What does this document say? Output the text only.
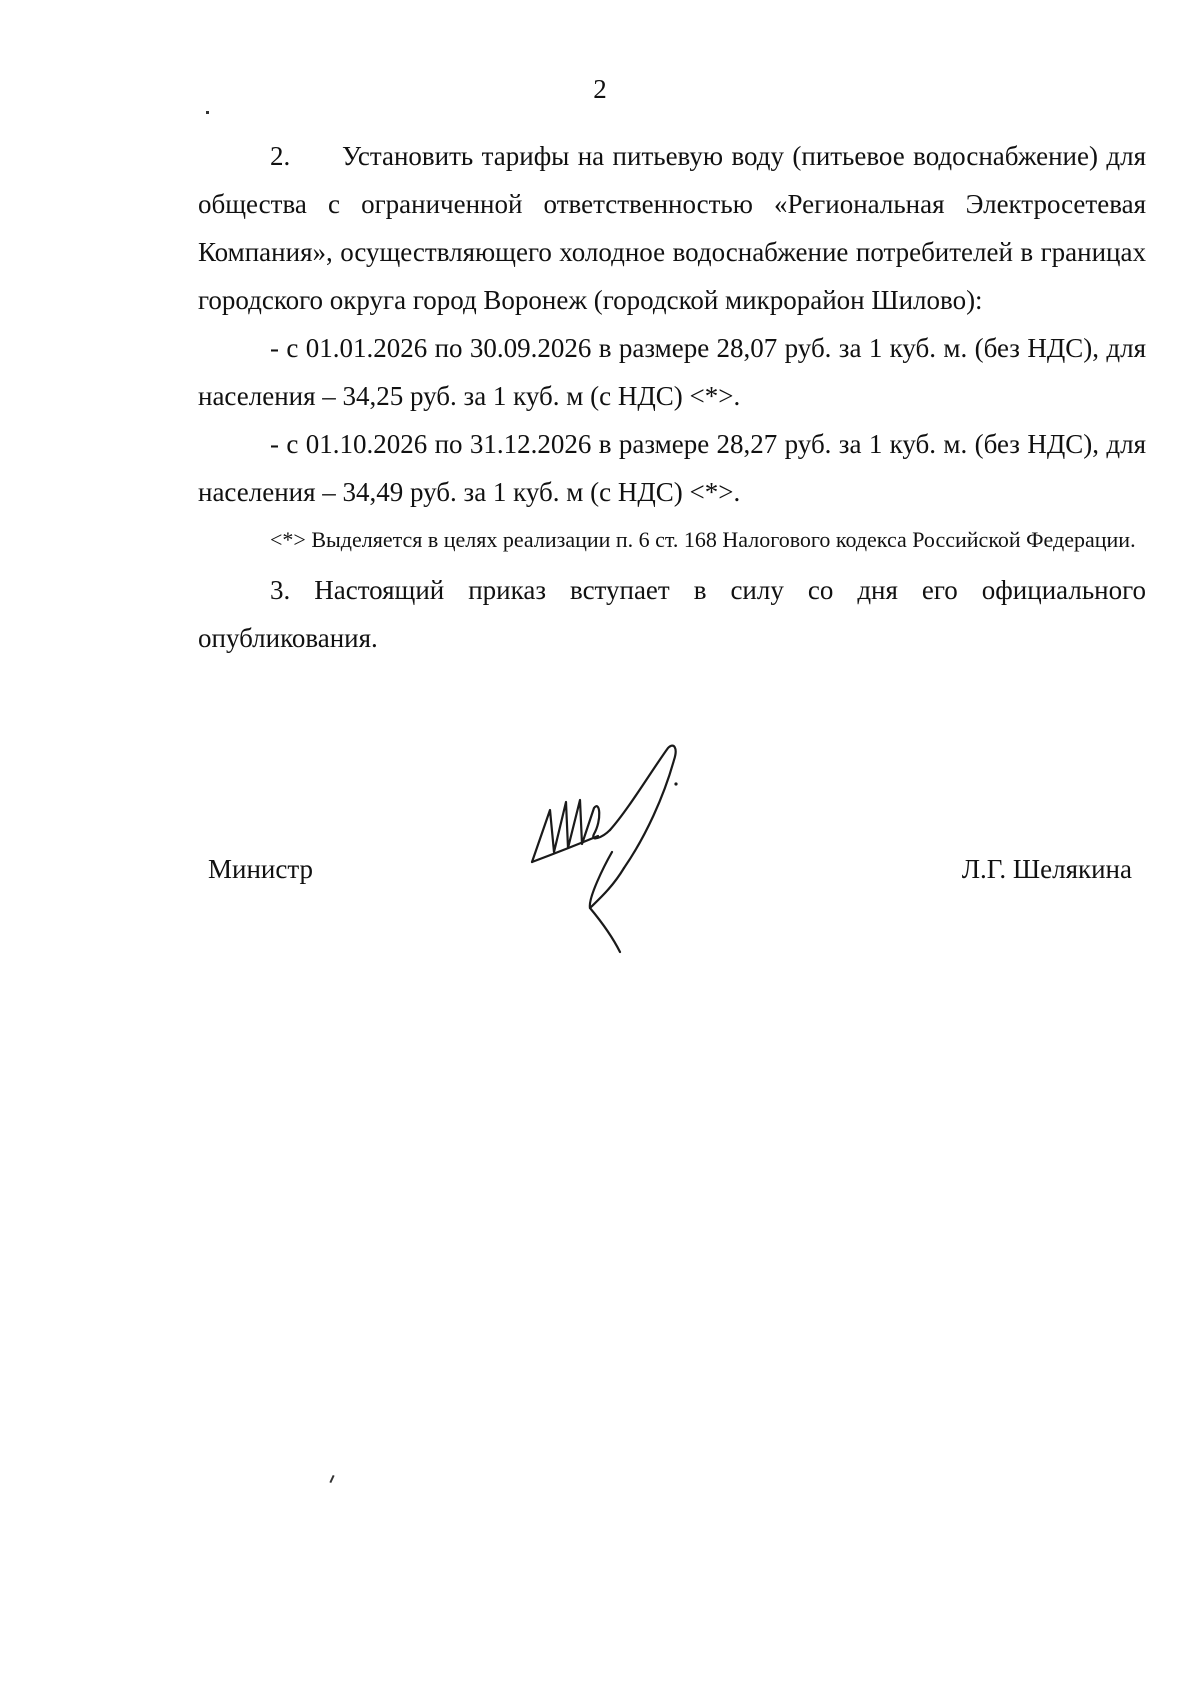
2

2. Установить тарифы на питьевую воду (питьевое водоснабжение) для общества с ограниченной ответственностью «Региональная Электросетевая Компания», осуществляющего холодное водоснабжение потребителей в границах городского округа город Воронеж (городской микрорайон Шилово):

- с 01.01.2026 по 30.09.2026 в размере 28,07 руб. за 1 куб. м. (без НДС), для населения – 34,25 руб. за 1 куб. м (с НДС) <*>.

- с 01.10.2026 по 31.12.2026 в размере 28,27 руб. за 1 куб. м. (без НДС), для населения – 34,49 руб. за 1 куб. м (с НДС) <*>.

<*> Выделяется в целях реализации п. 6 ст. 168 Налогового кодекса Российской Федерации.

3. Настоящий приказ вступает в силу со дня его официального опубликования.

Министр	Л.Г. Шелякина
